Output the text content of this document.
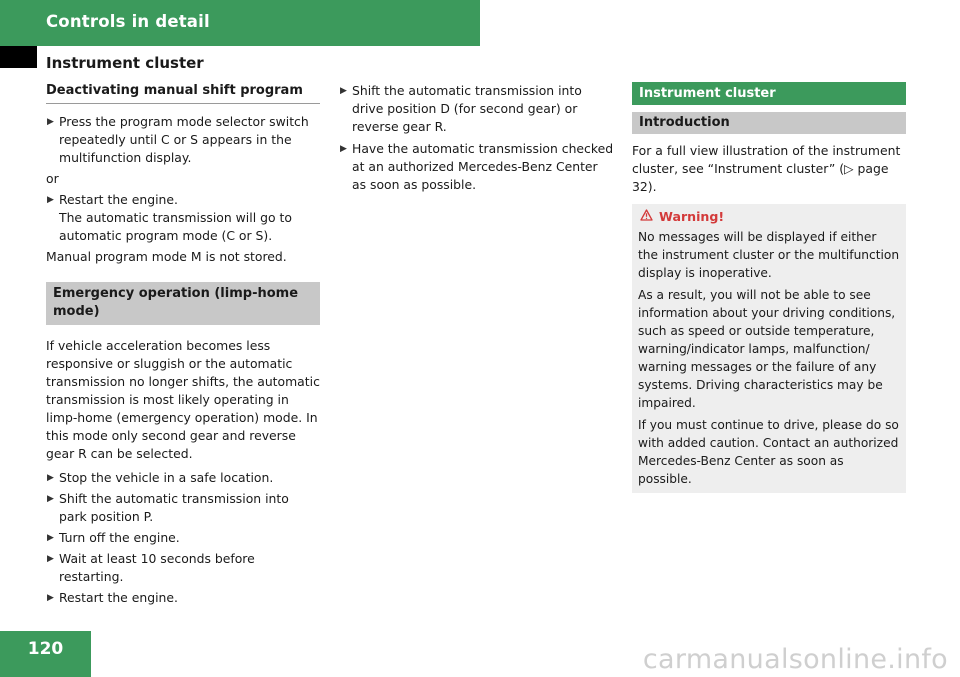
Controls in detail
Instrument cluster
Deactivating manual shift program
▶ Press the program mode selector switch repeatedly until C or S appears in the multifunction display.
or
▶ Restart the engine.
The automatic transmission will go to automatic program mode (C or S).
Manual program mode M is not stored.
Emergency operation (limp-home mode)
If vehicle acceleration becomes less responsive or sluggish or the automatic transmission no longer shifts, the automatic transmission is most likely operating in limp-home (emergency operation) mode. In this mode only second gear and reverse gear R can be selected.
▶ Stop the vehicle in a safe location.
▶ Shift the automatic transmission into park position P.
▶ Turn off the engine.
▶ Wait at least 10 seconds before restarting.
▶ Restart the engine.
▶ Shift the automatic transmission into drive position D (for second gear) or reverse gear R.
▶ Have the automatic transmission checked at an authorized Mercedes-Benz Center as soon as possible.
Instrument cluster
Introduction
For a full view illustration of the instrument cluster, see “Instrument cluster” (▷ page 32).
Warning!
No messages will be displayed if either the instrument cluster or the multifunction display is inoperative.
As a result, you will not be able to see information about your driving conditions, such as speed or outside temperature, warning/indicator lamps, malfunction/ warning messages or the failure of any systems. Driving characteristics may be impaired.
If you must continue to drive, please do so with added caution. Contact an authorized Mercedes-Benz Center as soon as possible.
120	carmanualsonline.info
